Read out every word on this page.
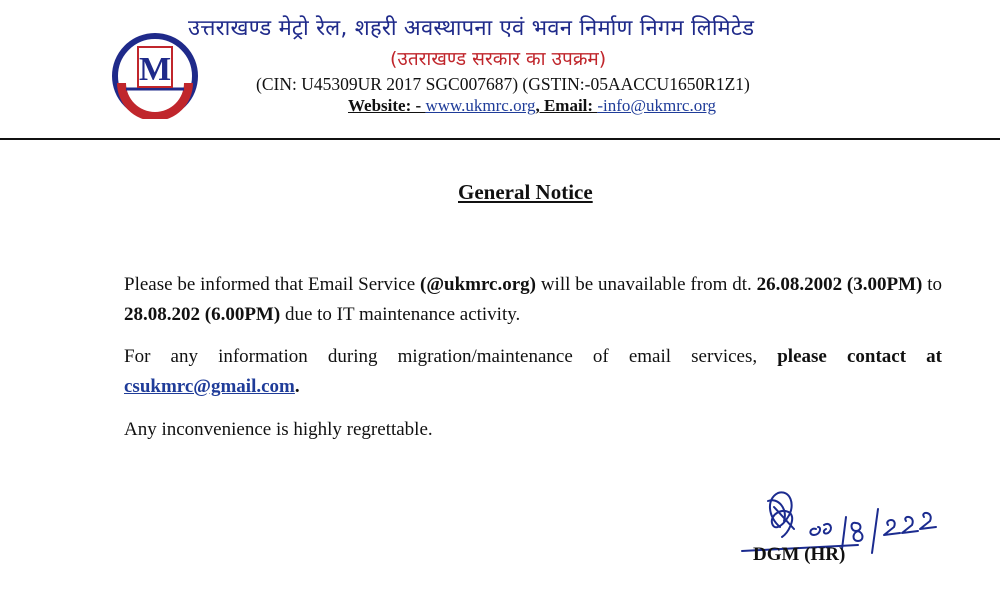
M
उत्तराखण्ड मेट्रो रेल, शहरी अवस्थापना एवं भवन निर्माण निगम लिमिटेड
(उतराखण्ड सरकार का उपक्रम)
(CIN: U45309UR 2017 SGC007687) (GSTIN:-05AACCU1650R1Z1)
Website: - www.ukmrc.org, Email: -info@ukmrc.org
General Notice
Please be informed that Email Service (@ukmrc.org) will be unavailable from dt. 26.08.2002 (3.00PM) to 28.08.202 (6.00PM) due to IT maintenance activity.
For any information during migration/maintenance of email services, please contact at csukmrc@gmail.com.
Any inconvenience is highly regrettable.
DGM (HR)
